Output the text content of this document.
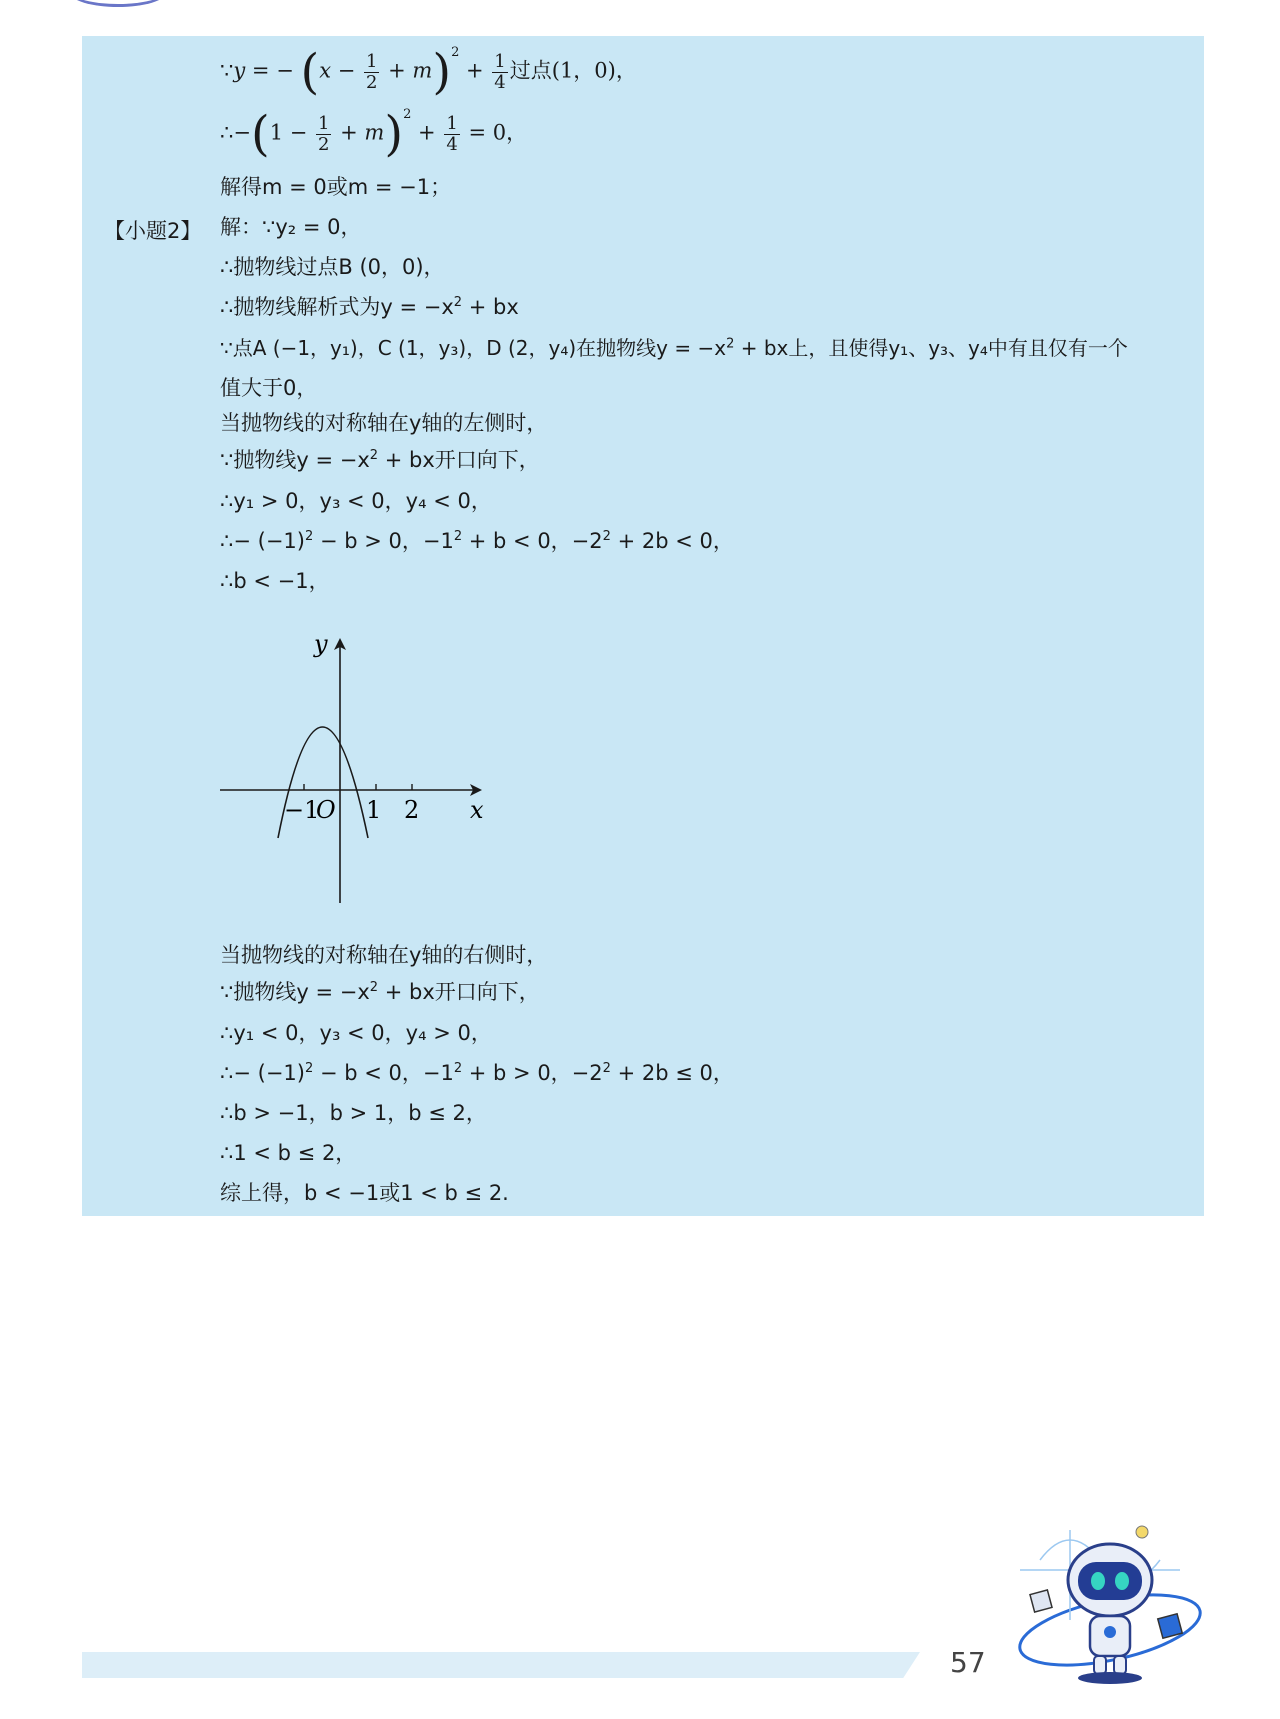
∵y = − $(x - \frac{1}{2} + m)^2 + \frac{1}{4}$ 过点(1，0)，
∴−(1 − $\frac{1}{2} + m)^2 + \frac{1}{4} = 0$，
解得m = 0或m = −1；
【小题2】 解：∵y₂ = 0，
∴抛物线过点B (0，0)，
∴抛物线解析式为$y = -x^2$ + bx
∵点A (−1，y₁)，C (1，y₃)，D (2，y₄)在抛物线$y = -x^2$ + bx上，且使得y₁、y₃、y₄中有且仅有一个
值大于0，
当抛物线的对称轴在y轴的左侧时，
∵抛物线$y = -x^2$ + bx开口向下，
∴y₁ > 0，y₃ < 0，y₄ < 0，
∴− $(-1)^2 - b > 0$，$-1^2 + b < 0$，$-2^2 + 2b < 0$，
∴b < −1，
y
x
−1
O 1 2
当抛物线的对称轴在y轴的右侧时，
∵抛物线$y = -x^2$ + bx开口向下，
∴y₁ < 0，y₃ < 0，y₄ > 0，
∴− $(-1)^2 - b < 0$，$-1^2 + b > 0$，$-2^2 + 2b \le 0$，
∴b > −1，b > 1，b ≤ 2，
∴1 < b ≤ 2，
综上得，b < −1或1 < b ≤ 2.
57
